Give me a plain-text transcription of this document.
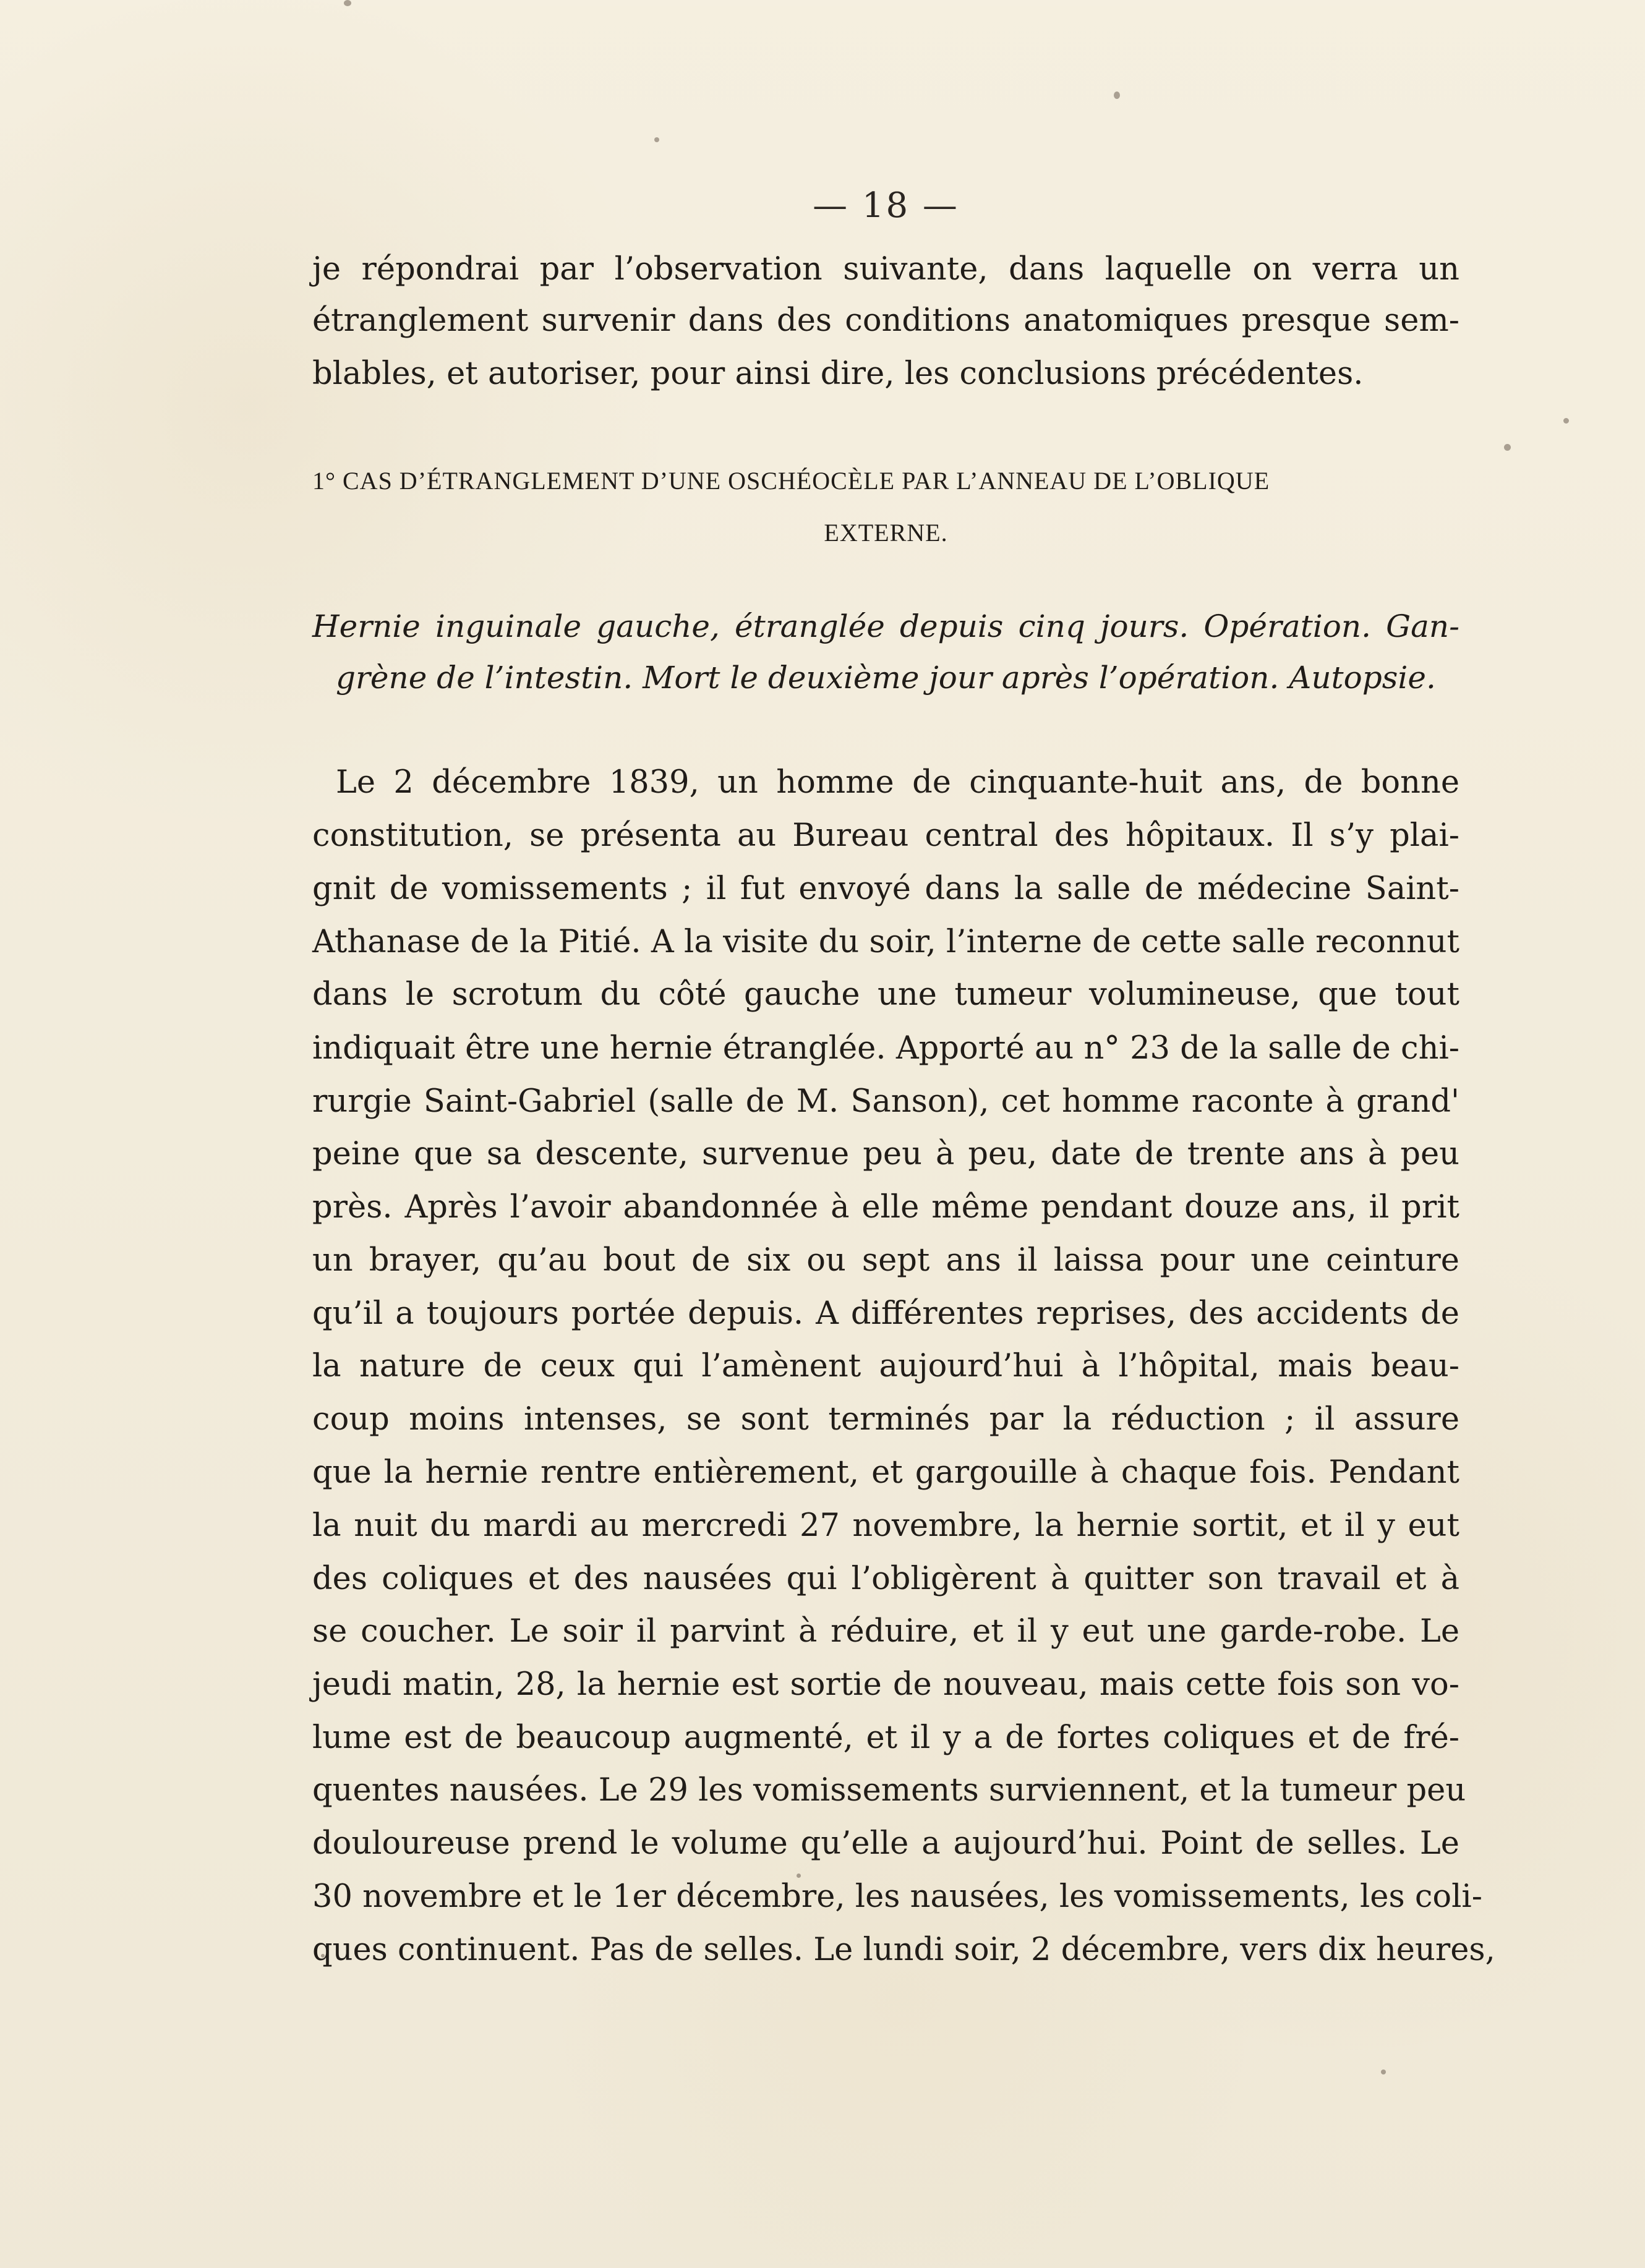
— 18 —
je répondrai par l’observation suivante, dans laquelle on verra un
étranglement survenir dans des conditions anatomiques presque sem-
blables, et autoriser, pour ainsi dire, les conclusions précédentes.
1° CAS D’ÉTRANGLEMENT D’UNE OSCHÉOCÈLE PAR L’ANNEAU DE L’OBLIQUE
EXTERNE.
Hernie inguinale gauche, étranglée depuis cinq jours. Opération. Gan-
grène de l’intestin. Mort le deuxième jour après l’opération. Autopsie.
Le 2 décembre 1839, un homme de cinquante-huit ans, de bonne
constitution, se présenta au Bureau central des hôpitaux. Il s’y plai-
gnit de vomissements ; il fut envoyé dans la salle de médecine Saint-
Athanase de la Pitié. A la visite du soir, l’interne de cette salle reconnut
dans le scrotum du côté gauche une tumeur volumineuse, que tout
indiquait être une hernie étranglée. Apporté au n° 23 de la salle de chi-
rurgie Saint-Gabriel (salle de M. Sanson), cet homme raconte à grand'
peine que sa descente, survenue peu à peu, date de trente ans à peu
près. Après l’avoir abandonnée à elle même pendant douze ans, il prit
un brayer, qu’au bout de six ou sept ans il laissa pour une ceinture
qu’il a toujours portée depuis. A différentes reprises, des accidents de
la nature de ceux qui l’amènent aujourd’hui à l’hôpital, mais beau-
coup moins intenses, se sont terminés par la réduction ; il assure
que la hernie rentre entièrement, et gargouille à chaque fois. Pendant
la nuit du mardi au mercredi 27 novembre, la hernie sortit, et il y eut
des coliques et des nausées qui l’obligèrent à quitter son travail et à
se coucher. Le soir il parvint à réduire, et il y eut une garde-robe. Le
jeudi matin, 28, la hernie est sortie de nouveau, mais cette fois son vo-
lume est de beaucoup augmenté, et il y a de fortes coliques et de fré-
quentes nausées. Le 29 les vomissements surviennent, et la tumeur peu
douloureuse prend le volume qu’elle a aujourd’hui. Point de selles. Le
30 novembre et le 1er décembre, les nausées, les vomissements, les coli-
ques continuent. Pas de selles. Le lundi soir, 2 décembre, vers dix heures,
